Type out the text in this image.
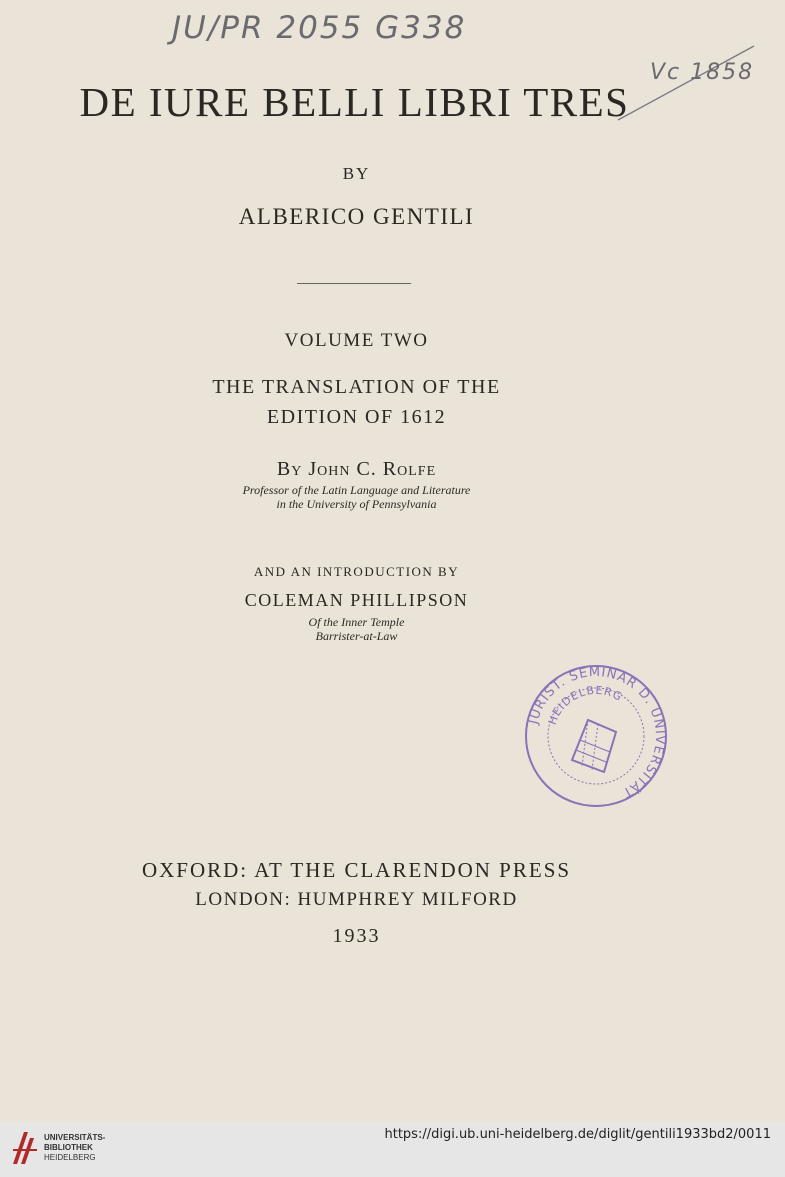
JU/PR 2055 G338
Vc 1858
DE IURE BELLI LIBRI TRES
BY
ALBERICO GENTILI
VOLUME TWO
THE TRANSLATION OF THE
EDITION OF 1612
By John C. Rolfe
Professor of the Latin Language and Literature
in the University of Pennsylvania
AND AN INTRODUCTION BY
COLEMAN PHILLIPSON
Of the Inner Temple
Barrister-at-Law
JURIST. SEMINAR D. UNIVERSITÄT
HEIDELBERG
OXFORD: AT THE CLARENDON PRESS
LONDON: HUMPHREY MILFORD
1933
UNIVERSITÄTS-
BIBLIOTHEK
HEIDELBERG
https://digi.ub.uni-heidelberg.de/diglit/gentili1933bd2/0011
